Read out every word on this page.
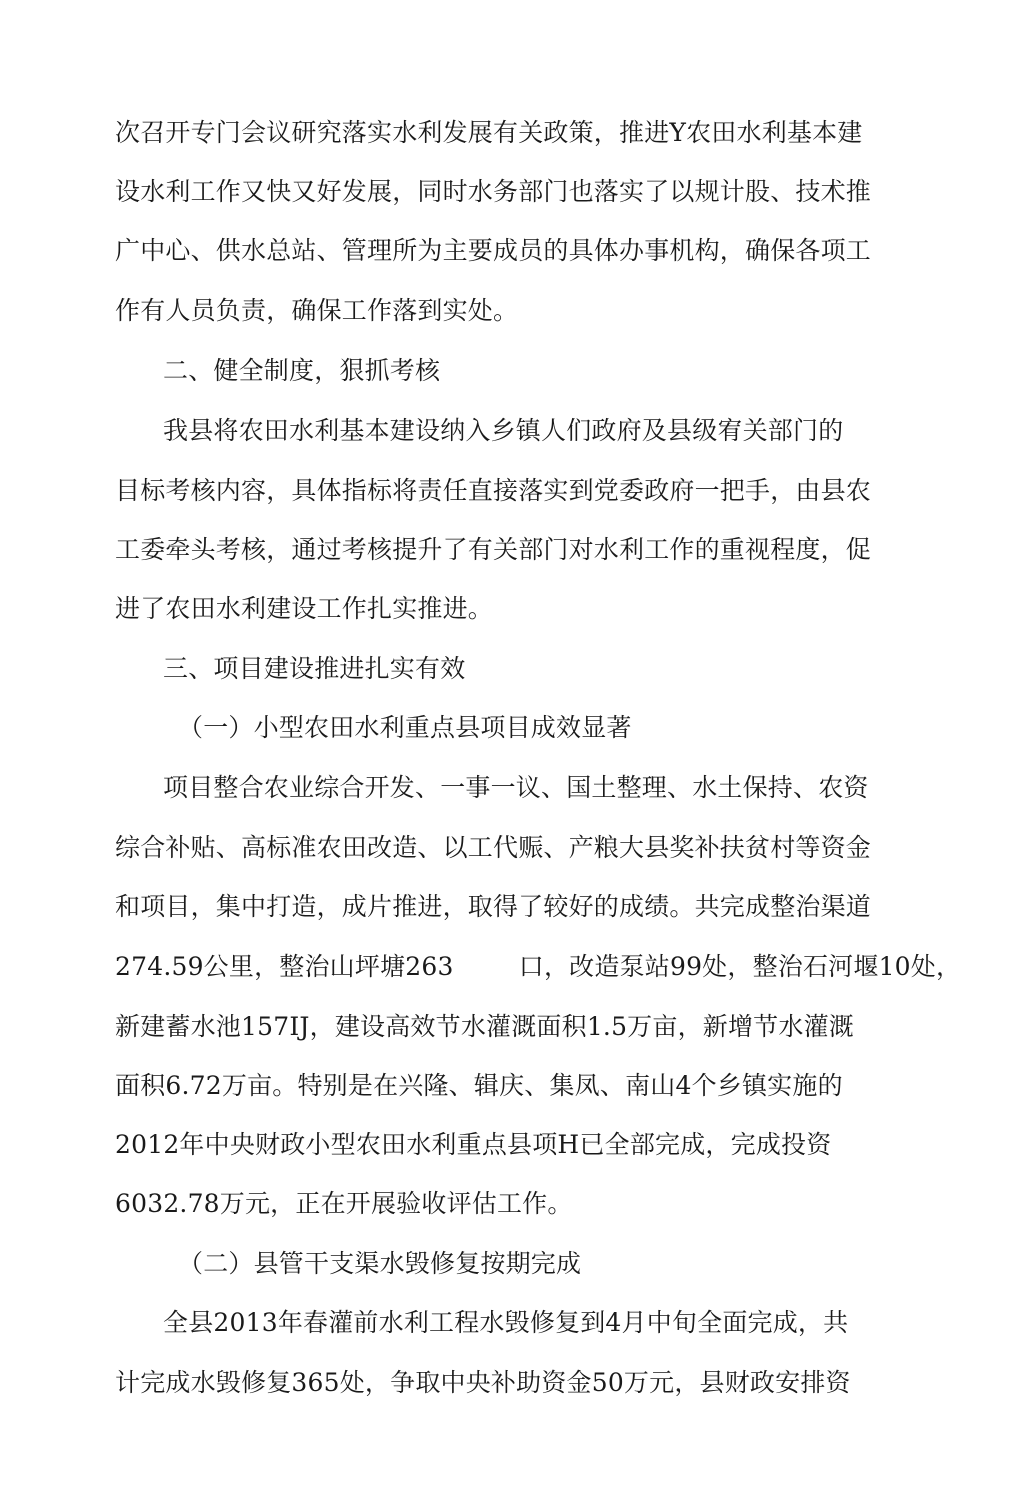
次召开专门会议研究落实水利发展有关政策，推进Y农田水利基本建
设水利工作又快又好发展，同时水务部门也落实了以规计股、技术推
广中心、供水总站、管理所为主要成员的具体办事机构，确保各项工
作有人员负责，确保工作落到实处。
二、健全制度，狠抓考核
我县将农田水利基本建设纳入乡镇人们政府及县级宥关部门的
目标考核内容，具体指标将责任直接落实到党委政府一把手，由县农
工委牵头考核，通过考核提升了有关部门对水利工作的重视程度，促
进了农田水利建设工作扎实推进。
三、项目建设推进扎实有效
（一）小型农田水利重点县项目成效显著
项目整合农业综合开发、一事一议、国土整理、水土保持、农资
综合补贴、高标准农田改造、以工代赈、产粮大县奖补扶贫村等资金
和项目，集中打造，成片推进，取得了较好的成绩。共完成整治渠道
274.59公里，整治山坪塘263        口，改造泵站99处，整治石河堰10处，
新建蓄水池157IJ，建设高效节水灌溉面积1.5万亩，新增节水灌溉
面积6.72万亩。特别是在兴隆、辑庆、集凤、南山4个乡镇实施的
2012年中央财政小型农田水利重点县项H已全部完成，完成投资
6032.78万元，正在开展验收评估工作。
（二）县管干支渠水毁修复按期完成
全县2013年春灌前水利工程水毁修复到4月中旬全面完成，共
计完成水毁修复365处，争取中央补助资金50万元，县财政安排资
